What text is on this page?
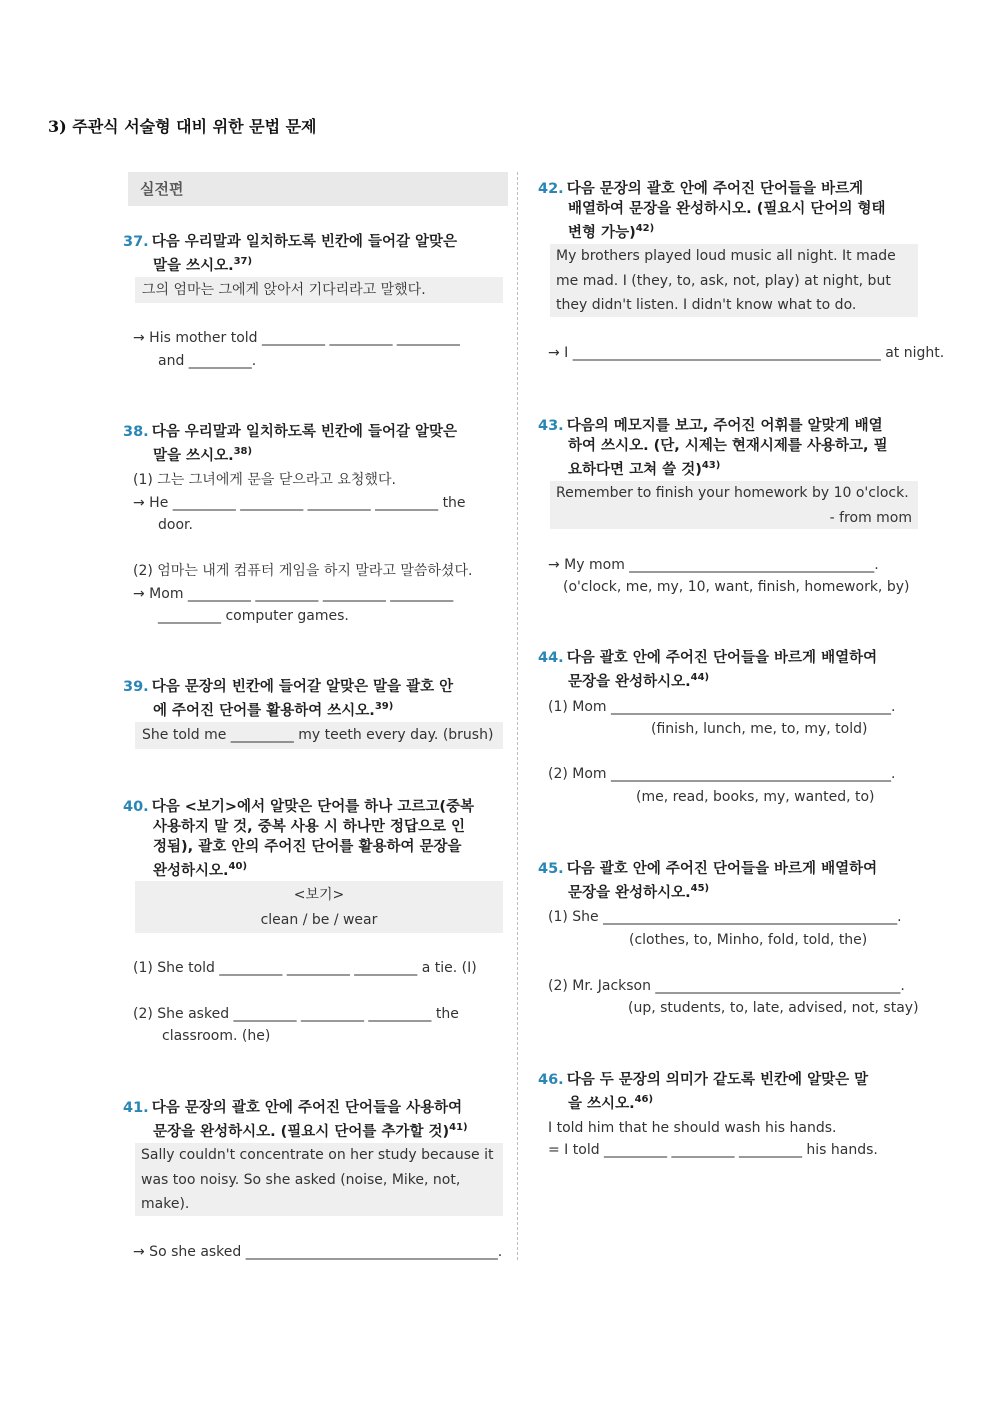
3) 주관식 서술형 대비 위한 문법 문제
실전편
37. 다음 우리말과 일치하도록 빈칸에 들어갈 알맞은
말을 쓰시오.$^{37)}$
그의 엄마는 그에게 앉아서 기다리라고 말했다.
→ His mother told _________ _________ _________
and _________.
38. 다음 우리말과 일치하도록 빈칸에 들어갈 알맞은
말을 쓰시오.$^{38)}$
(1) 그는 그녀에게 문을 닫으라고 요청했다.
→ He _________ _________ _________ _________ the
door.
(2) 엄마는 내게 컴퓨터 게임을 하지 말라고 말씀하셨다.
→ Mom _________ _________ _________ _________
_________ computer games.
39. 다음 문장의 빈칸에 들어갈 알맞은 말을 괄호 안
에 주어진 단어를 활용하여 쓰시오.$^{39)}$
She told me _________ my teeth every day. (brush)
40. 다음 <보기>에서 알맞은 단어를 하나 고르고(중복
사용하지 말 것, 중복 사용 시 하나만 정답으로 인
정됨), 괄호 안의 주어진 단어를 활용하여 문장을
완성하시오.$^{40)}$
<보기>
clean / be / wear
(1) She told _________ _________ _________ a tie. (I)
(2) She asked _________ _________ _________ the
classroom. (he)
41. 다음 문장의 괄호 안에 주어진 단어들을 사용하여
문장을 완성하시오. (필요시 단어를 추가할 것)$^{41)}$
Sally couldn't concentrate on her study because it
was too noisy. So she asked (noise, Mike, not,
make).
→ So she asked ____________________________________.
42. 다음 문장의 괄호 안에 주어진 단어들을 바르게
배열하여 문장을 완성하시오. (필요시 단어의 형태
변형 가능)$^{42)}$
My brothers played loud music all night. It made
me mad. I (they, to, ask, not, play) at night, but
they didn't listen. I didn't know what to do.
→ I ____________________________________________ at night.
43. 다음의 메모지를 보고, 주어진 어휘를 알맞게 배열
하여 쓰시오. (단, 시제는 현재시제를 사용하고, 필
요하다면 고쳐 쓸 것)$^{43)}$
Remember to finish your homework by 10 o'clock.
- from mom
→ My mom ___________________________________.
(o'clock, me, my, 10, want, finish, homework, by)
44. 다음 괄호 안에 주어진 단어들을 바르게 배열하여
문장을 완성하시오.$^{44)}$
(1) Mom ________________________________________.
(finish, lunch, me, to, my, told)
(2) Mom ________________________________________.
(me, read, books, my, wanted, to)
45. 다음 괄호 안에 주어진 단어들을 바르게 배열하여
문장을 완성하시오.$^{45)}$
(1) She __________________________________________.
(clothes, to, Minho, fold, told, the)
(2) Mr. Jackson ___________________________________.
(up, students, to, late, advised, not, stay)
46. 다음 두 문장의 의미가 같도록 빈칸에 알맞은 말
을 쓰시오.$^{46)}$
I told him that he should wash his hands.
= I told _________ _________ _________ his hands.
